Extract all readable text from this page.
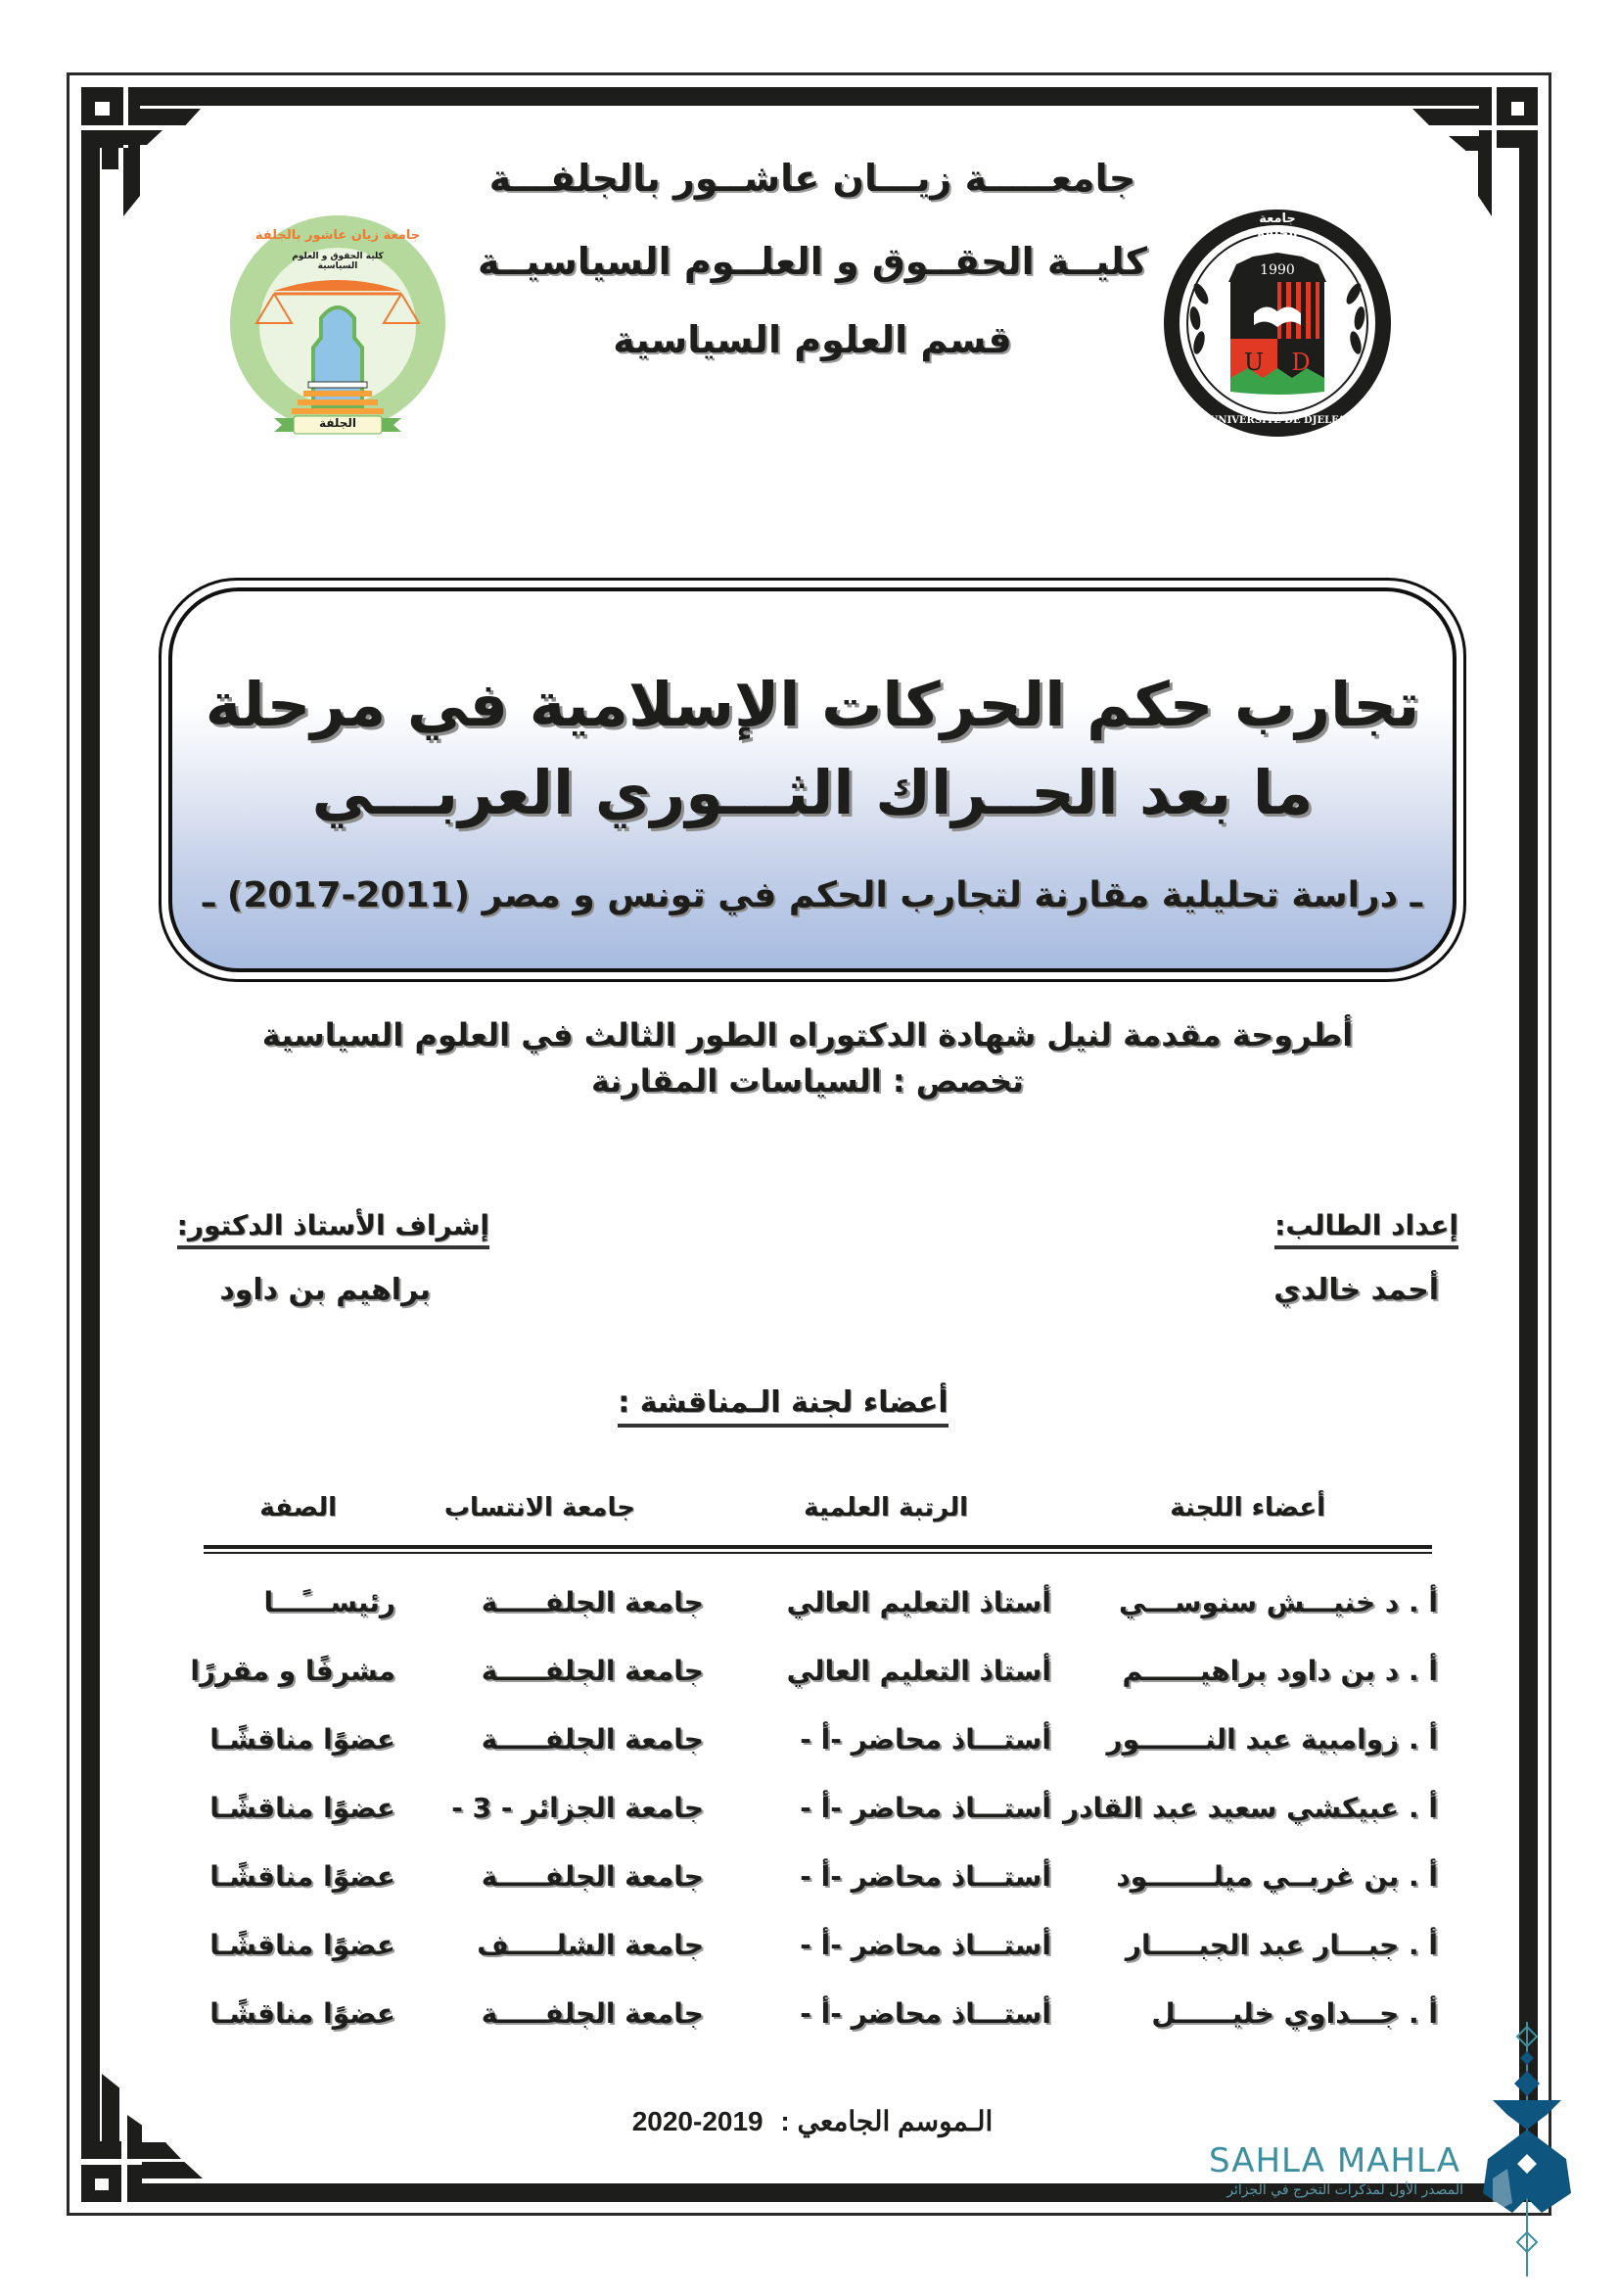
SAHLA MAHLA
المصدر الأول لمذكرات التخرج في الجزائر
جامعـــــة زيـــان عاشــور بالجلفـــة
كليــة الحقــوق و العلــوم السياسيــة
قسم العلوم السياسية
1990
U D
جامعة الجلفة
UNIVERSITÉ DE DJELFA
الجلفة
جامعة زيان عاشور بالجلفة
كلية الحقوق و العلوم السياسية
تجارب حكم الحركات الإسلامية في مرحلة
ما بعد الحــراك الثـــوري العربـــي
ـ دراسة تحليلية مقارنة لتجارب الحكم في تونس و مصر (2011-2017) ـ
أطروحة مقدمة لنيل شهادة الدكتوراه الطور الثالث في العلوم السياسية
تخصص : السياسات المقارنة
إعداد الطالب:
أحمد خالدي
إشراف الأستاذ الدكتور:
براهيم بن داود
أعضاء لجنة الـمناقشة :
أعضاء اللجنة
الرتبة العلمية
جامعة الانتساب
الصفة
أ . د خنيـــش سنوســـي
أستاذ التعليم العالي
جامعة الجلفـــــة
رئيســـًـــا
أ . د بن داود براهيــــــم
أستاذ التعليم العالي
جامعة الجلفـــــة
مشرفًا و مقررًا
أ . زوامبية عبد النـــــــور
أستـــاذ محاضر -أ -
جامعة الجلفـــــة
عضوًا مناقشًـا
أ . عبيكشي سعيد عبد القادر
أستـــاذ محاضر -أ -
جامعة الجزائر - 3 -
عضوًا مناقشًـا
أ . بن غربــي ميلـــــــود
أستـــاذ محاضر -أ -
جامعة الجلفـــــة
عضوًا مناقشًـا
أ . جبـــار عبد الجبـــــار
أستـــاذ محاضر -أ -
جامعة الشلـــــف
عضوًا مناقشًـا
أ . جـــداوي خليــــــل
أستـــاذ محاضر -أ -
جامعة الجلفـــــة
عضوًا مناقشًـا
2020-2019 الـموسم الجامعي :
